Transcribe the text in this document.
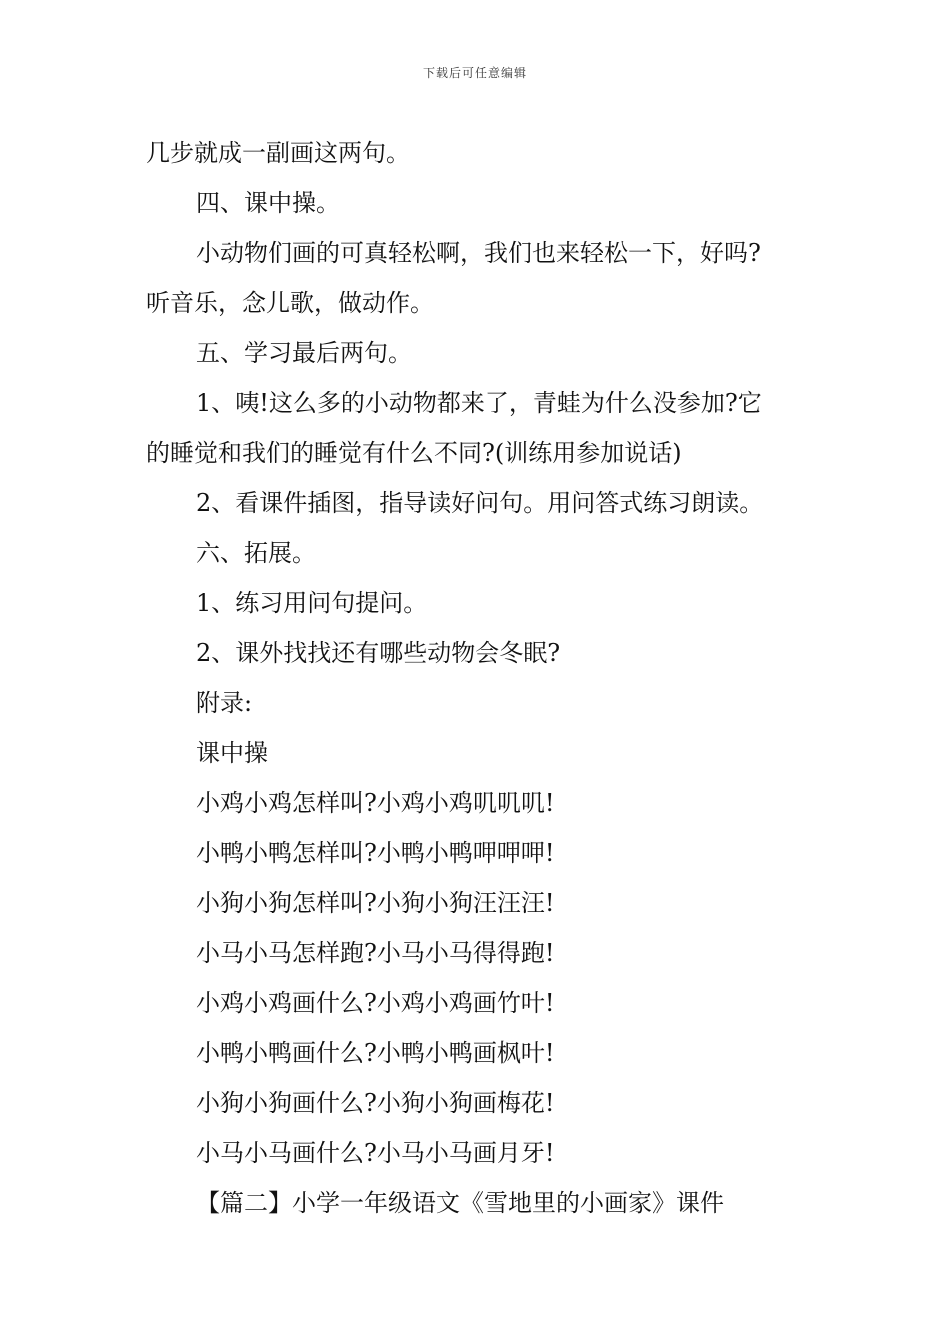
下载后可任意编辑
几步就成一副画这两句。
四、课中操。
小动物们画的可真轻松啊，我们也来轻松一下，好吗?
听音乐，念儿歌，做动作。
五、学习最后两句。
1、咦!这么多的小动物都来了，青蛙为什么没参加?它
的睡觉和我们的睡觉有什么不同?(训练用参加说话)
2、看课件插图，指导读好问句。用问答式练习朗读。
六、拓展。
1、练习用问句提问。
2、课外找找还有哪些动物会冬眠?
附录:
课中操
小鸡小鸡怎样叫?小鸡小鸡叽叽叽!
小鸭小鸭怎样叫?小鸭小鸭呷呷呷!
小狗小狗怎样叫?小狗小狗汪汪汪!
小马小马怎样跑?小马小马得得跑!
小鸡小鸡画什么?小鸡小鸡画竹叶!
小鸭小鸭画什么?小鸭小鸭画枫叶!
小狗小狗画什么?小狗小狗画梅花!
小马小马画什么?小马小马画月牙!
【篇二】小学一年级语文《雪地里的小画家》课件
